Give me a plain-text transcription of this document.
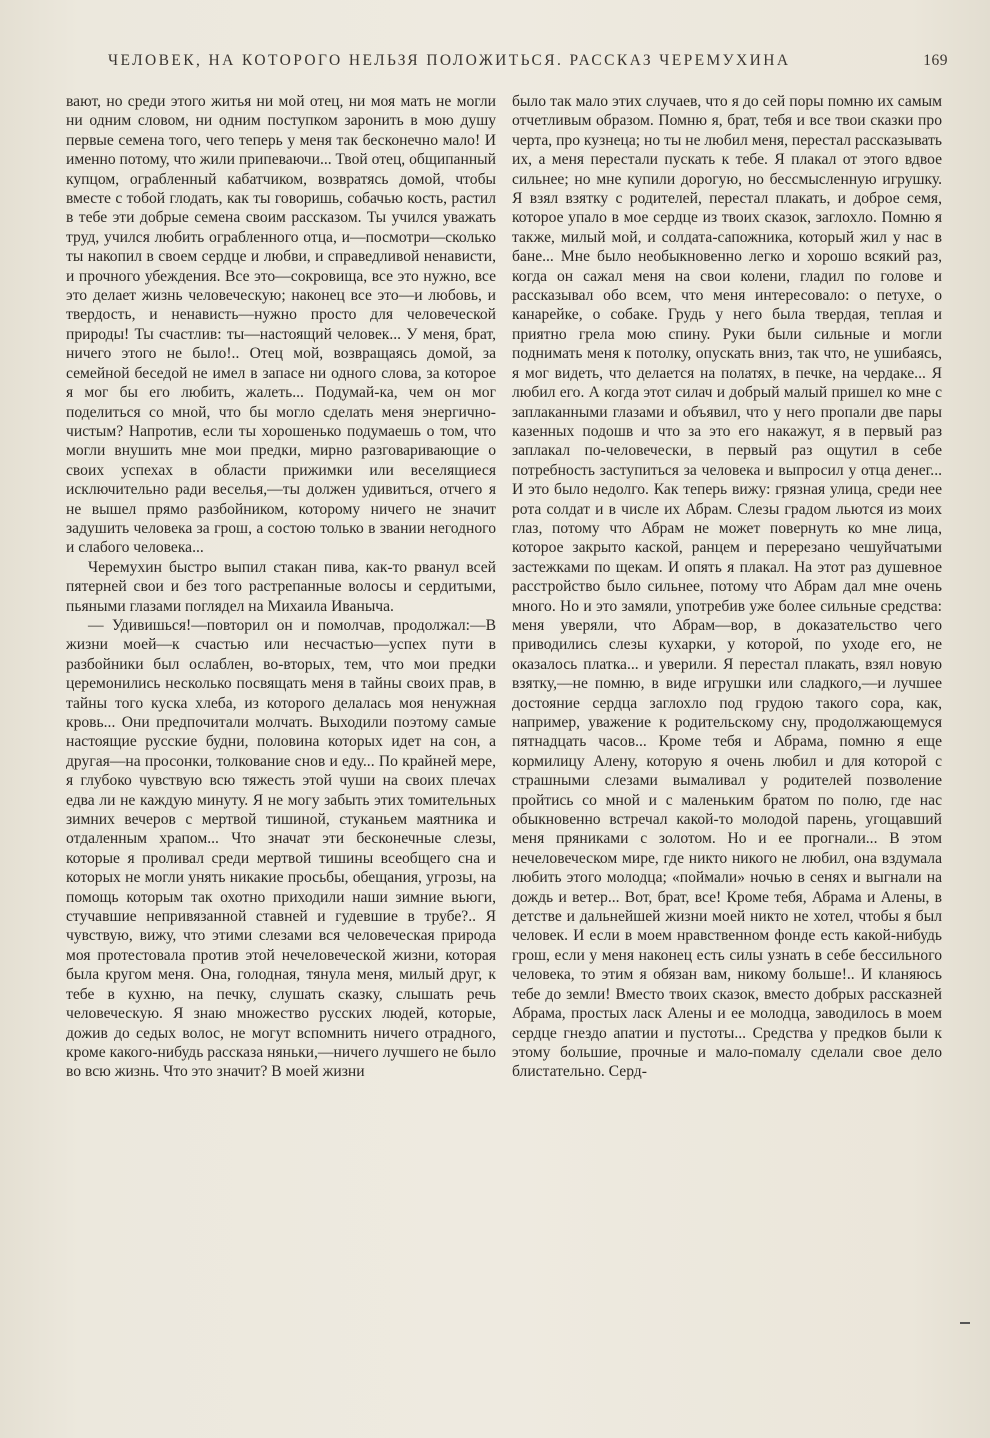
ЧЕЛОВЕК, НА КОТОРОГО НЕЛЬЗЯ ПОЛОЖИТЬСЯ. РАССКАЗ ЧЕРЕМУХИНА	169

вают, но среди этого житья ни мой отец, ни моя мать не могли ни одним словом, ни одним поступком заронить в мою душу первые семена того, чего теперь у меня так бесконечно мало! И именно потому, что жили припеваючи... Твой отец, общипанный купцом, ограбленный кабатчиком, возвратясь домой, чтобы вместе с тобой глодать, как ты говоришь, собачью кость, растил в тебе эти добрые семена своим рассказом. Ты учился уважать труд, учился любить ограбленного отца, и—посмотри—сколько ты накопил в своем сердце и любви, и справедливой ненависти, и прочного убеждения. Все это—сокровища, все это нужно, все это делает жизнь человеческую; наконец все это—и любовь, и твердость, и ненависть—нужно просто для человеческой природы! Ты счастлив: ты—настоящий человек... У меня, брат, ничего этого не было!.. Отец мой, возвращаясь домой, за семейной беседой не имел в запасе ни одного слова, за которое я мог бы его любить, жалеть... Подумай-ка, чем он мог поделиться со мной, что бы могло сделать меня энергично-чистым? Напротив, если ты хорошенько подумаешь о том, что могли внушить мне мои предки, мирно разговаривающие о своих успехах в области прижимки или веселящиеся исключительно ради веселья,—ты должен удивиться, отчего я не вышел прямо разбойником, которому ничего не значит задушить человека за грош, а состою только в звании негодного и слабого человека...

Черемухин быстро выпил стакан пива, как-то рванул всей пятерней свои и без того растрепанные волосы и сердитыми, пьяными глазами поглядел на Михаила Иваныча.

— Удивишься!—повторил он и помолчав, продолжал:—В жизни моей—к счастью или несчастью—успех пути в разбойники был ослаблен, во-вторых, тем, что мои предки церемонились несколько посвящать меня в тайны своих прав, в тайны того куска хлеба, из которого делалась моя ненужная кровь... Они предпочитали молчать. Выходили поэтому самые настоящие русские будни, половина которых идет на сон, а другая—на просонки, толкование снов и еду... По крайней мере, я глубоко чувствую всю тяжесть этой чуши на своих плечах едва ли не каждую минуту. Я не могу забыть этих томительных зимних вечеров с мертвой тишиной, стуканьем маятника и отдаленным храпом... Что значат эти бесконечные слезы, которые я проливал среди мертвой тишины всеобщего сна и которых не могли унять никакие просьбы, обещания, угрозы, на помощь которым так охотно приходили наши зимние вьюги, стучавшие непривязанной ставней и гудевшие в трубе?.. Я чувствую, вижу, что этими слезами вся человеческая природа моя протестовала против этой нечеловеческой жизни, которая была кругом меня. Она, голодная, тянула меня, милый друг, к тебе в кухню, на печку, слушать сказку, слышать речь человеческую. Я знаю множество русских людей, которые, дожив до седых волос, не могут вспомнить ничего отрадного, кроме какого-нибудь рассказа няньки,—ничего лучшего не было во всю жизнь. Что это значит? В моей жизни

было так мало этих случаев, что я до сей поры помню их самым отчетливым образом. Помню я, брат, тебя и все твои сказки про черта, про кузнеца; но ты не любил меня, перестал рассказывать их, а меня перестали пускать к тебе. Я плакал от этого вдвое сильнее; но мне купили дорогую, но бессмысленную игрушку. Я взял взятку с родителей, перестал плакать, и доброе семя, которое упало в мое сердце из твоих сказок, заглохло. Помню я также, милый мой, и солдата-сапожника, который жил у нас в бане... Мне было необыкновенно легко и хорошо всякий раз, когда он сажал меня на свои колени, гладил по голове и рассказывал обо всем, что меня интересовало: о петухе, о канарейке, о собаке. Грудь у него была твердая, теплая и приятно грела мою спину. Руки были сильные и могли поднимать меня к потолку, опускать вниз, так что, не ушибаясь, я мог видеть, что делается на полатях, в печке, на чердаке... Я любил его. А когда этот силач и добрый малый пришел ко мне с заплаканными глазами и объявил, что у него пропали две пары казенных подошв и что за это его накажут, я в первый раз заплакал по-человечески, в первый раз ощутил в себе потребность заступиться за человека и выпросил у отца денег... И это было недолго. Как теперь вижу: грязная улица, среди нее рота солдат и в числе их Абрам. Слезы градом льются из моих глаз, потому что Абрам не может повернуть ко мне лица, которое закрыто каской, ранцем и перерезано чешуйчатыми застежками по щекам. И опять я плакал. На этот раз душевное расстройство было сильнее, потому что Абрам дал мне очень много. Но и это замяли, употребив уже более сильные средства: меня уверяли, что Абрам—вор, в доказательство чего приводились слезы кухарки, у которой, по уходе его, не оказалось платка... и уверили. Я перестал плакать, взял новую взятку,—не помню, в виде игрушки или сладкого,—и лучшее достояние сердца заглохло под грудою такого сора, как, например, уважение к родительскому сну, продолжающемуся пятнадцать часов... Кроме тебя и Абрама, помню я еще кормилицу Алену, которую я очень любил и для которой с страшными слезами вымаливал у родителей позволение пройтись со мной и с маленьким братом по полю, где нас обыкновенно встречал какой-то молодой парень, угощавший меня пряниками с золотом. Но и ее прогнали... В этом нечеловеческом мире, где никто никого не любил, она вздумала любить этого молодца; «поймали» ночью в сенях и выгнали на дождь и ветер... Вот, брат, все! Кроме тебя, Абрама и Алены, в детстве и дальнейшей жизни моей никто не хотел, чтобы я был человек. И если в моем нравственном фонде есть какой-нибудь грош, если у меня наконец есть силы узнать в себе бессильного человека, то этим я обязан вам, никому больше!.. И кланяюсь тебе до земли! Вместо твоих сказок, вместо добрых рассказней Абрама, простых ласк Алены и ее молодца, заводилось в моем сердце гнездо апатии и пустоты... Средства у предков были к этому большие, прочные и мало-помалу сделали свое дело блистательно. Серд-
